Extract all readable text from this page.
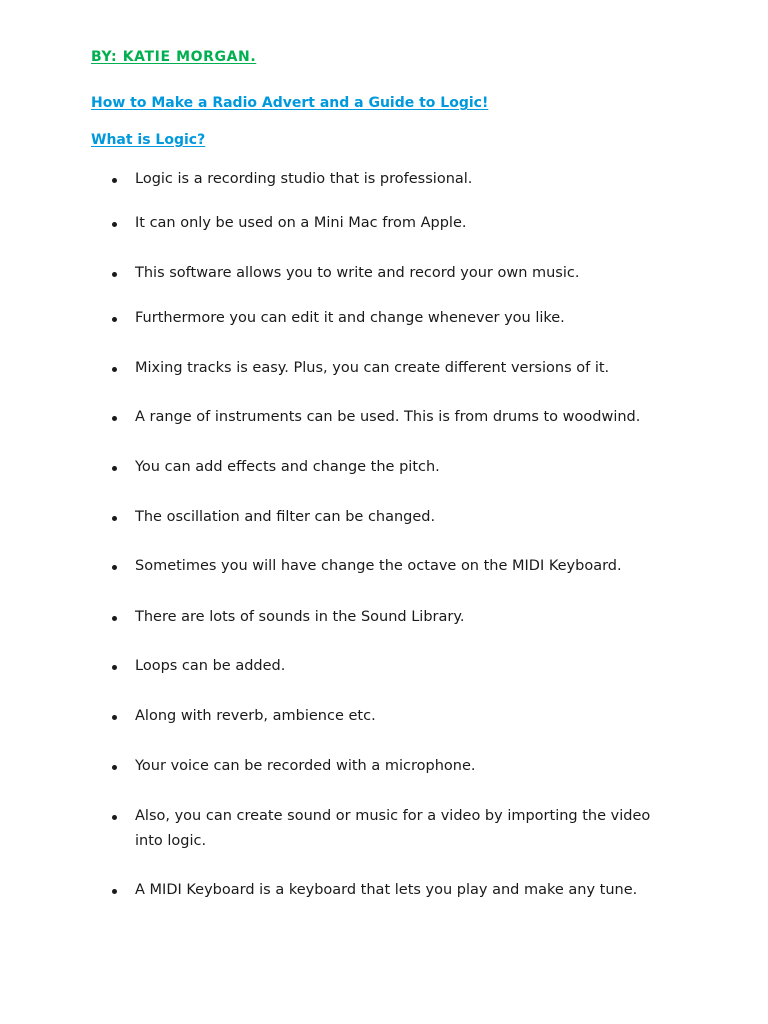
BY: KATIE MORGAN.

How to Make a Radio Advert and a Guide to Logic!

What is Logic?

Logic is a recording studio that is professional.
It can only be used on a Mini Mac from Apple.
This software allows you to write and record your own music.
Furthermore you can edit it and change whenever you like.
Mixing tracks is easy. Plus, you can create different versions of it.
A range of instruments can be used. This is from drums to woodwind.
You can add effects and change the pitch.
The oscillation and filter can be changed.
Sometimes you will have change the octave on the MIDI Keyboard.
There are lots of sounds in the Sound Library.
Loops can be added.
Along with reverb, ambience etc.
Your voice can be recorded with a microphone.
Also, you can create sound or music for a video by importing the video into logic.
A MIDI Keyboard is a keyboard that lets you play and make any tune.
